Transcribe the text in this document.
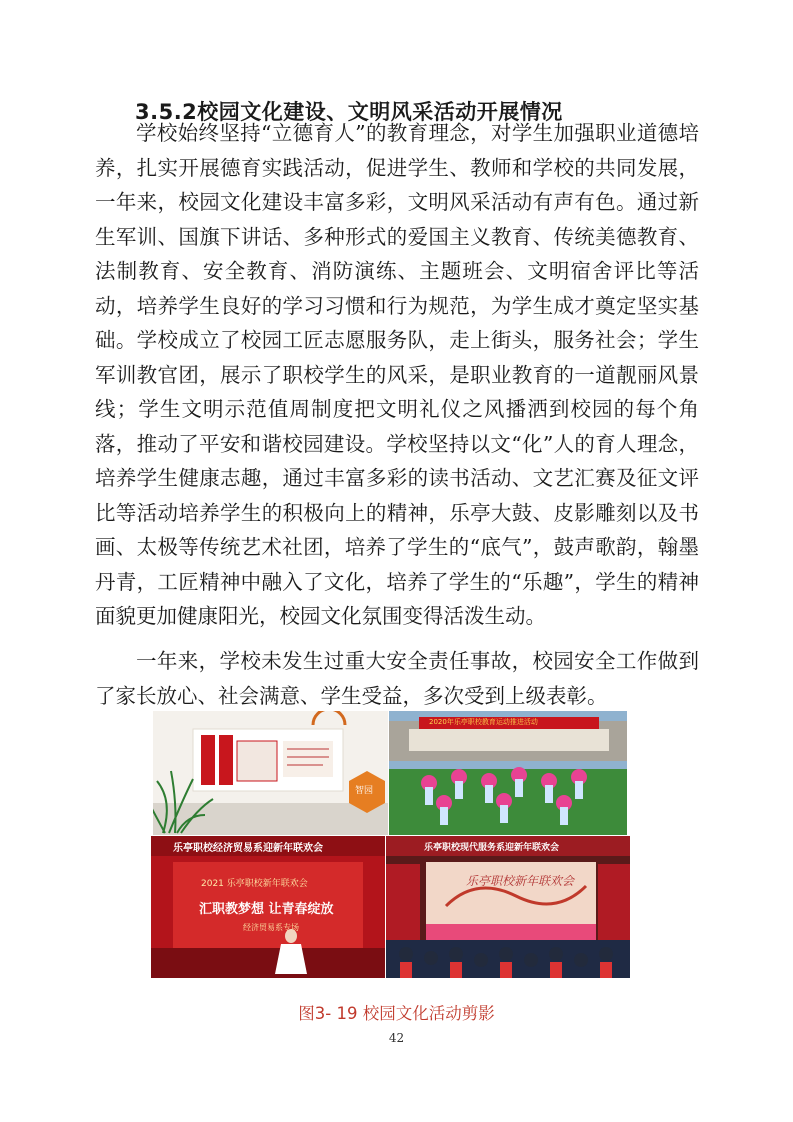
3.5.2校园文化建设、文明风采活动开展情况

学校始终坚持“立德育人”的教育理念，对学生加强职业道德培养，扎实开展德育实践活动，促进学生、教师和学校的共同发展，一年来，校园文化建设丰富多彩，文明风采活动有声有色。通过新生军训、国旗下讲话、多种形式的爱国主义教育、传统美德教育、法制教育、安全教育、消防演练、主题班会、文明宿舍评比等活动，培养学生良好的学习习惯和行为规范，为学生成才奠定坚实基础。学校成立了校园工匠志愿服务队，走上街头，服务社会；学生军训教官团，展示了职校学生的风采，是职业教育的一道靓丽风景线；学生文明示范值周制度把文明礼仪之风播洒到校园的每个角落，推动了平安和谐校园建设。学校坚持以文“化”人的育人理念，培养学生健康志趣，通过丰富多彩的读书活动、文艺汇赛及征文评比等活动培养学生的积极向上的精神，乐亭大鼓、皮影雕刻以及书画、太极等传统艺术社团，培养了学生的“底气”，鼓声歌韵，翰墨丹青，工匠精神中融入了文化，培养了学生的“乐趣”，学生的精神面貌更加健康阳光，校园文化氛围变得活泼生动。

一年来，学校未发生过重大安全责任事故，校园安全工作做到了家长放心、社会满意、学生受益，多次受到上级表彰。

智园
2020年乐亭职校教育运动推进活动
乐亭职校经济贸易系迎新年联欢会
2021 乐亭职校新年联欢会
汇职教梦想 让青春绽放
经济贸易系专场
乐亭职校现代服务系迎新年联欢会
乐亭职校新年联欢会
图3- 19 校园文化活动剪影
42
